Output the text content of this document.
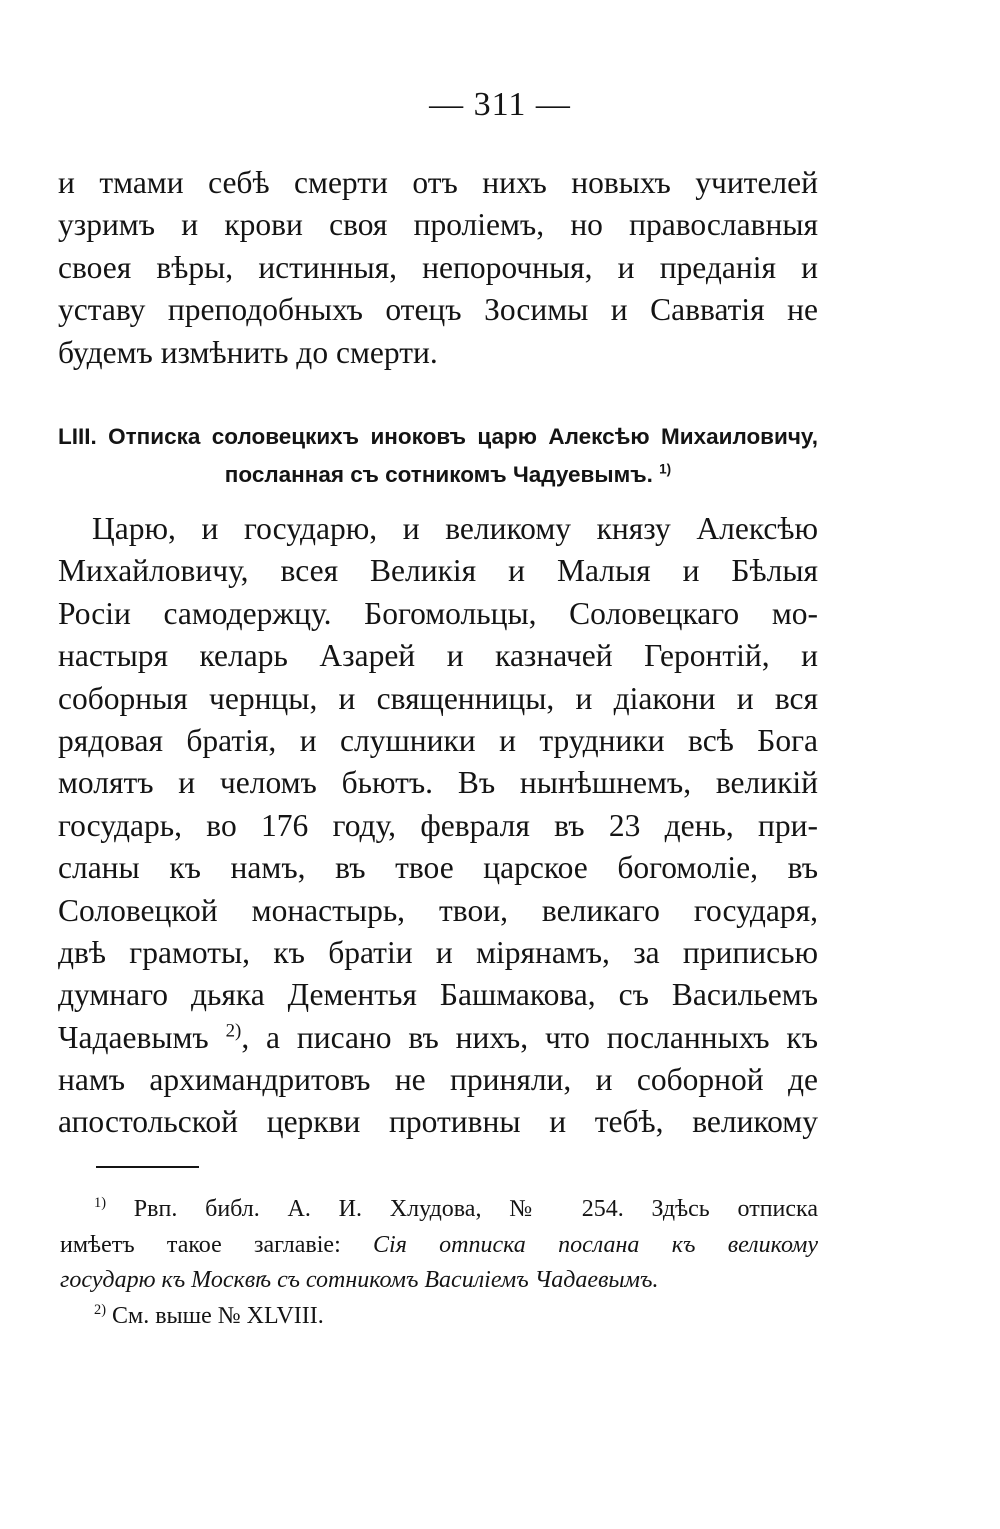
— 311 —
и тмами себѣ смерти отъ нихъ новыхъ учителей
узримъ и крови своя пролiемъ, но православныя
своея вѣры, истинныя, непорочныя, и преданiя и
уставу преподобныхъ отецъ Зосимы и Савватiя не
будемъ измѣнить до смерти.
LIII. Отписка соловецкихъ иноковъ царю Алексѣю Михаиловичу,
посланная съ сотникомъ Чадуевымъ. $^{1)}$
Царю, и государю, и великому князу Алексѣю
Михайловичу, всея Великiя и Малыя и Бѣлыя
Росiи самодержцу. Богомольцы, Соловецкаго мо-
настыря келарь Азарей и казначей Геронтiй, и
соборныя чернцы, и священницы, и дiакони и вся
рядовая братiя, и слушники и трудники всѣ Бога
молятъ и челомъ бьютъ. Въ нынѣшнемъ, великiй
государь, во 176 году, февраля въ 23 день, при-
сланы къ намъ, въ твое царское богомолiе, въ
Соловецкой монастырь, твои, великаго государя,
двѣ грамоты, къ братiи и мiрянамъ, за приписью
думнаго дьяка Дементья Башмакова, съ Васильемъ
Чадаевымъ $^{2)}$, а писано въ нихъ, что посланныхъ къ
намъ архимандритовъ не приняли, и соборной де
апостольской церкви противны и тебѣ, великому
$^{1)}$ Рвп. библ. А. И. Хлудова, № 254. Здѣсь отписка
имѣетъ такое заглавiе: Сiя отписка послана къ великому
государю къ Москвѣ съ сотникомъ Василiемъ Чадаевымъ.
$^{2)}$ См. выше № XLVIII.
